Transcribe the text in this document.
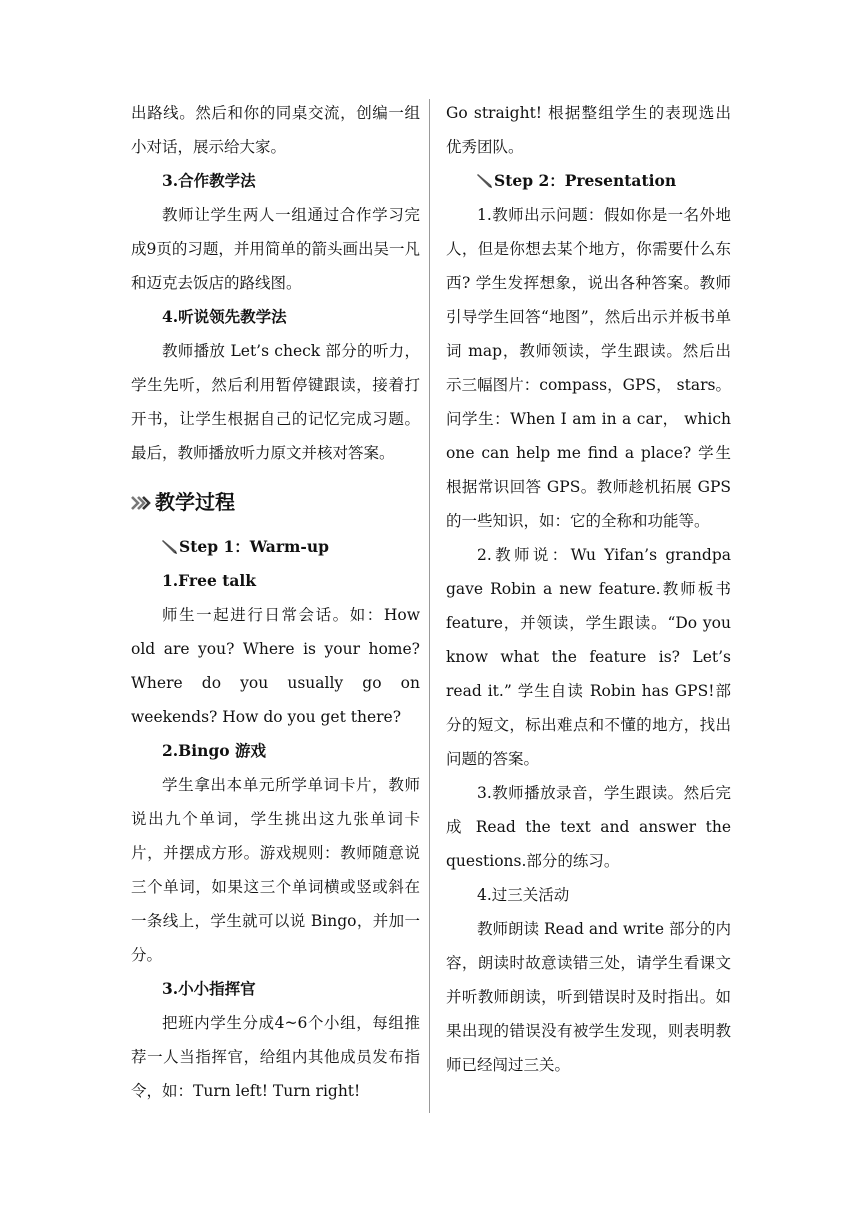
出路线。然后和你的同桌交流，创编一组小对话，展示给大家。

3.合作教学法

教师让学生两人一组通过合作学习完成9页的习题，并用简单的箭头画出吴一凡和迈克去饭店的路线图。

4.听说领先教学法

教师播放 Let’s check 部分的听力，学生先听，然后利用暂停键跟读，接着打开书，让学生根据自己的记忆完成习题。最后，教师播放听力原文并核对答案。

教学过程

Step 1：Warm-up

1.Free talk

师生一起进行日常会话。如：How old are you? Where is your home? Where do you usually go on weekends? How do you get there?

2.Bingo 游戏

学生拿出本单元所学单词卡片，教师说出九个单词，学生挑出这九张单词卡片，并摆成方形。游戏规则：教师随意说三个单词，如果这三个单词横或竖或斜在一条线上，学生就可以说 Bingo，并加一分。

3.小小指挥官

把班内学生分成4~6个小组，每组推荐一人当指挥官，给组内其他成员发布指令，如：Turn left! Turn right!

Go straight! 根据整组学生的表现选出优秀团队。

Step 2：Presentation

1.教师出示问题：假如你是一名外地人，但是你想去某个地方，你需要什么东西? 学生发挥想象，说出各种答案。教师引导学生回答“地图”，然后出示并板书单词 map，教师领读，学生跟读。然后出示三幅图片：compass，GPS， stars。问学生：When I am in a car， which one can help me find a place? 学生根据常识回答 GPS。教师趁机拓展 GPS 的一些知识，如：它的全称和功能等。

2.教师说：Wu Yifan’s grandpa gave Robin a new feature.教师板书 feature，并领读，学生跟读。“Do you know what the feature is? Let’s read it.” 学生自读 Robin has GPS!部分的短文，标出难点和不懂的地方，找出问题的答案。

3.教师播放录音，学生跟读。然后完成 Read the text and answer the questions.部分的练习。

4.过三关活动

教师朗读 Read and write 部分的内容，朗读时故意读错三处，请学生看课文并听教师朗读，听到错误时及时指出。如果出现的错误没有被学生发现，则表明教师已经闯过三关。
